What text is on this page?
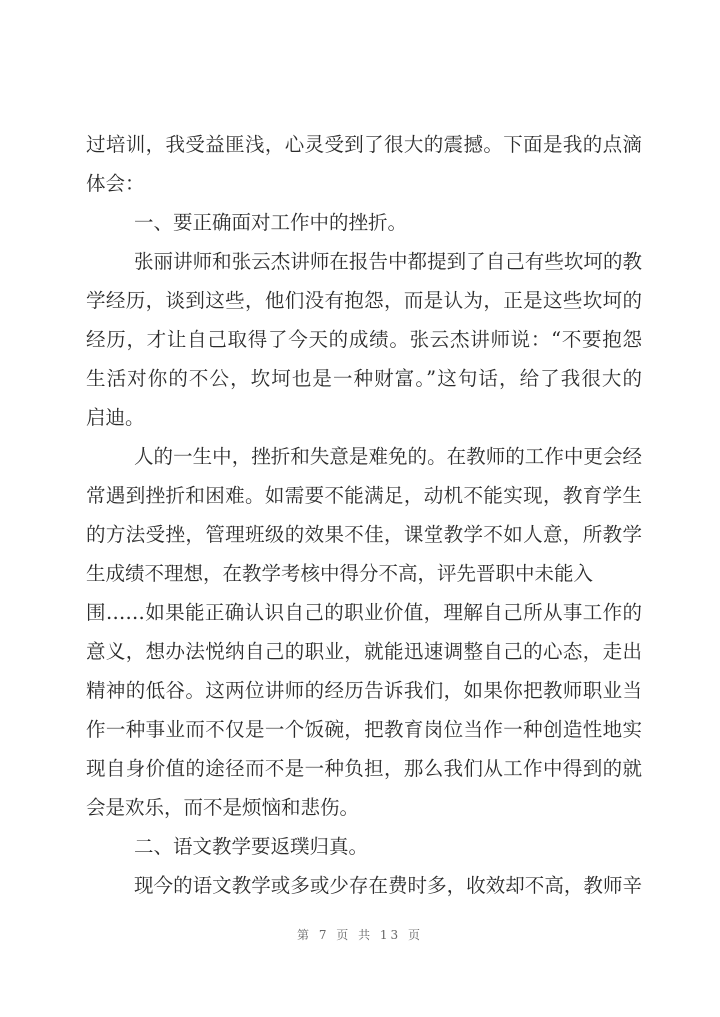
过培训，我受益匪浅，心灵受到了很大的震撼。下面是我的点滴
体会：
一、要正确面对工作中的挫折。
张丽讲师和张云杰讲师在报告中都提到了自己有些坎坷的教
学经历，谈到这些，他们没有抱怨，而是认为，正是这些坎坷的
经历，才让自己取得了今天的成绩。张云杰讲师说：“不要抱怨
生活对你的不公，坎坷也是一种财富。”这句话，给了我很大的
启迪。
人的一生中，挫折和失意是难免的。在教师的工作中更会经
常遇到挫折和困难。如需要不能满足，动机不能实现，教育学生
的方法受挫，管理班级的效果不佳，课堂教学不如人意，所教学
生成绩不理想，在教学考核中得分不高，评先晋职中未能入
围……如果能正确认识自己的职业价值，理解自己所从事工作的
意义，想办法悦纳自己的职业，就能迅速调整自己的心态，走出
精神的低谷。这两位讲师的经历告诉我们，如果你把教师职业当
作一种事业而不仅是一个饭碗，把教育岗位当作一种创造性地实
现自身价值的途径而不是一种负担，那么我们从工作中得到的就
会是欢乐，而不是烦恼和悲伤。
二、语文教学要返璞归真。
现今的语文教学或多或少存在费时多，收效却不高，教师辛
第 7 页 共 13 页
